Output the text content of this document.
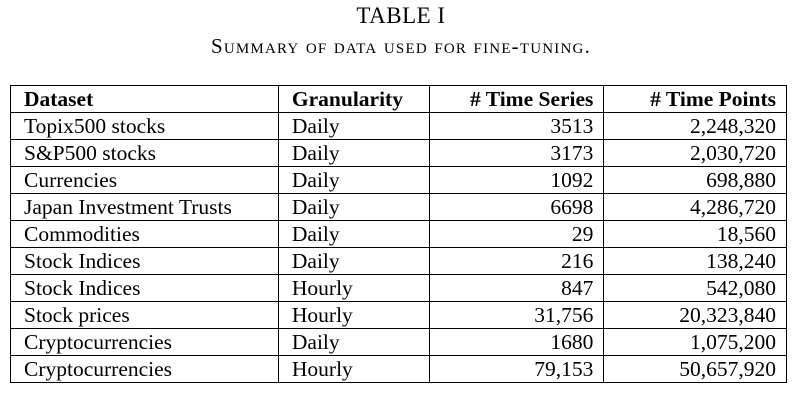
TABLE I
Summary of data used for fine-tuning.
Dataset	Granularity	# Time Series	# Time Points
Topix500 stocks	Daily	3513	2,248,320
S&P500 stocks	Daily	3173	2,030,720
Currencies	Daily	1092	698,880
Japan Investment Trusts	Daily	6698	4,286,720
Commodities	Daily	29	18,560
Stock Indices	Daily	216	138,240
Stock Indices	Hourly	847	542,080
Stock prices	Hourly	31,756	20,323,840
Cryptocurrencies	Daily	1680	1,075,200
Cryptocurrencies	Hourly	79,153	50,657,920
